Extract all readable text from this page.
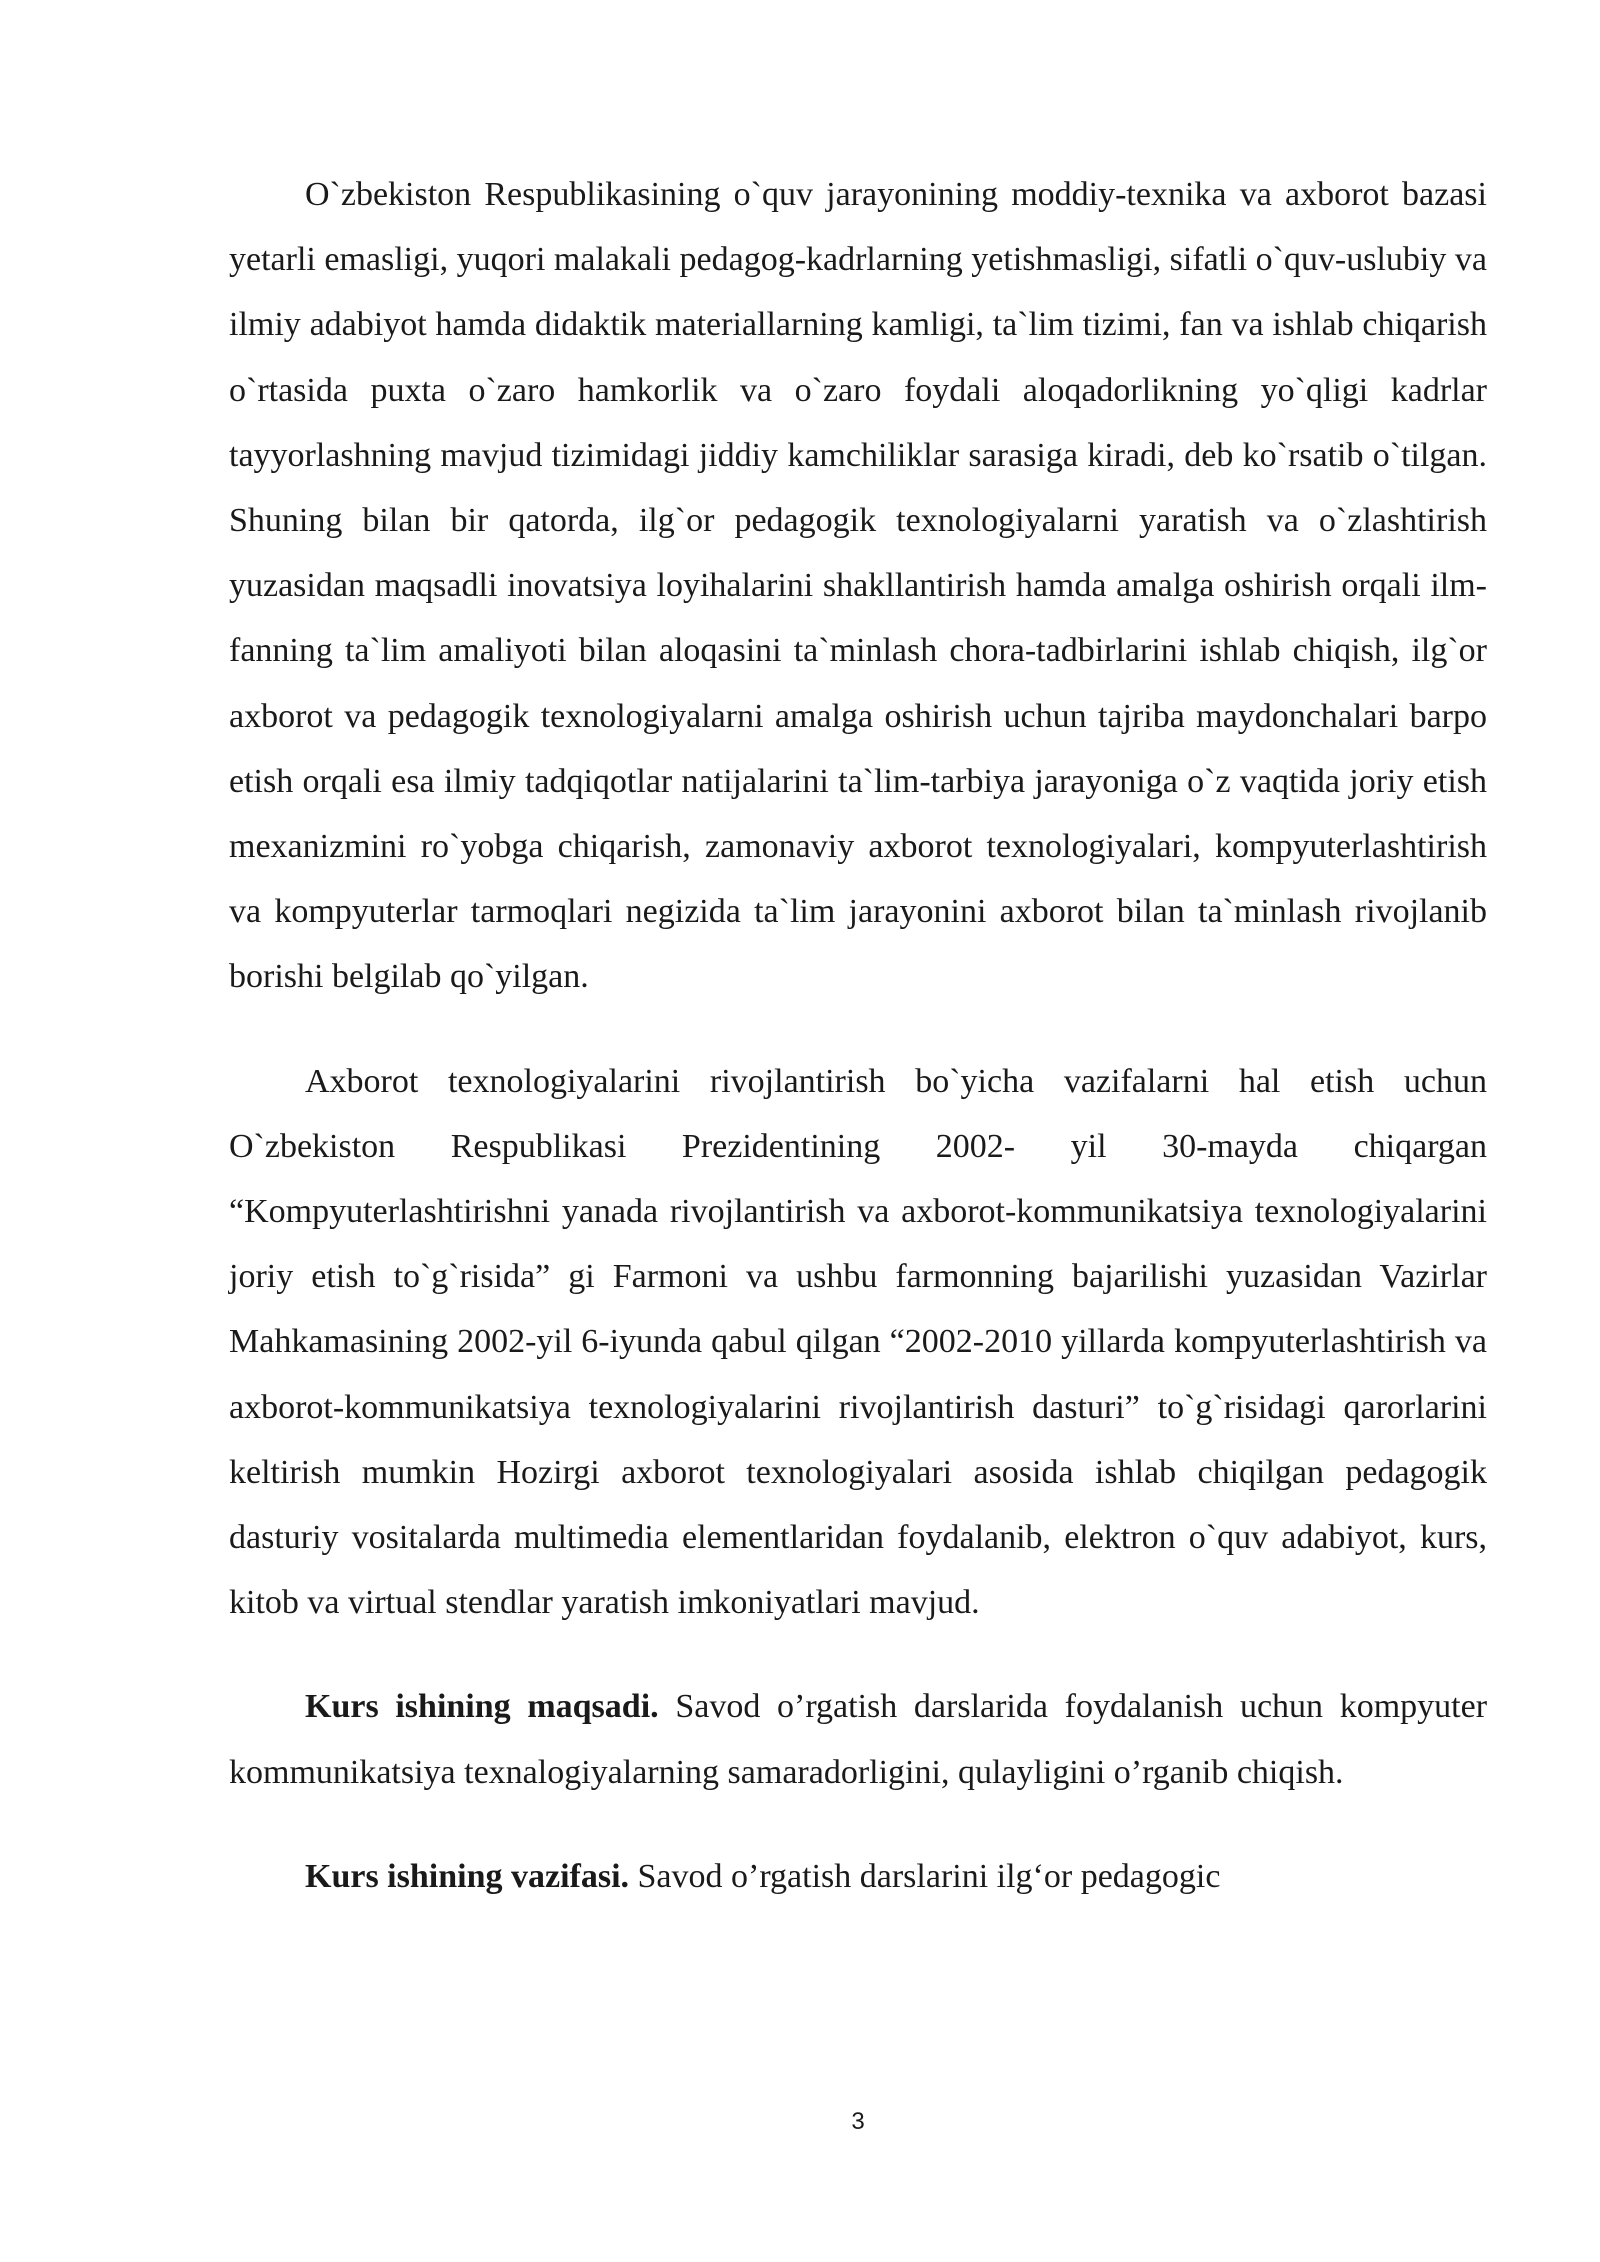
O`zbekiston Respublikasining o`quv jarayonining moddiy-texnika va axborot bazasi yetarli emasligi, yuqori malakali pedagog-kadrlarning yetishmasligi, sifatli o`quv-uslubiy va ilmiy adabiyot hamda didaktik materiallarning kamligi, ta`lim tizimi, fan va ishlab chiqarish o`rtasida puxta o`zaro hamkorlik va o`zaro foydali aloqadorlikning yo`qligi kadrlar tayyorlashning mavjud tizimidagi jiddiy kamchiliklar sarasiga kiradi, deb ko`rsatib o`tilgan. Shuning bilan bir qatorda, ilg`or pedagogik texnologiyalarni yaratish va o`zlashtirish yuzasidan maqsadli inovatsiya loyihalarini shakllantirish hamda amalga oshirish orqali ilm-fanning ta`lim amaliyoti bilan aloqasini ta`minlash chora-tadbirlarini ishlab chiqish, ilg`or axborot va pedagogik texnologiyalarni amalga oshirish uchun tajriba maydonchalari barpo etish orqali esa ilmiy tadqiqotlar natijalarini ta`lim-tarbiya jarayoniga o`z vaqtida joriy etish mexanizmini ro`yobga chiqarish, zamonaviy axborot texnologiyalari, kompyuterlashtirish va kompyuterlar tarmoqlari negizida ta`lim jarayonini axborot bilan ta`minlash rivojlanib borishi belgilab qo`yilgan.

Axborot texnologiyalarini rivojlantirish bo`yicha vazifalarni hal etish uchun O`zbekiston Respublikasi Prezidentining 2002- yil 30-mayda chiqargan “Kompyuterlashtirishni yanada rivojlantirish va axborot-kommunikatsiya texnologiyalarini joriy etish to`g`risida” gi Farmoni va ushbu farmonning bajarilishi yuzasidan Vazirlar Mahkamasining 2002-yil 6-iyunda qabul qilgan “2002-2010 yillarda kompyuterlashtirish va axborot-kommunikatsiya texnologiyalarini rivojlantirish dasturi” to`g`risidagi qarorlarini keltirish mumkin Hozirgi axborot texnologiyalari asosida ishlab chiqilgan pedagogik dasturiy vositalarda multimedia elementlaridan foydalanib, elektron o`quv adabiyot, kurs, kitob va virtual stendlar yaratish imkoniyatlari mavjud.

Kurs ishining maqsadi. Savod o’rgatish darslarida foydalanish uchun kompyuter kommunikatsiya texnalogiyalarning samaradorligini, qulayligini o’rganib chiqish.

Kurs ishining vazifasi. Savod o’rgatish darslarini ilg‘or pedagogic

3
